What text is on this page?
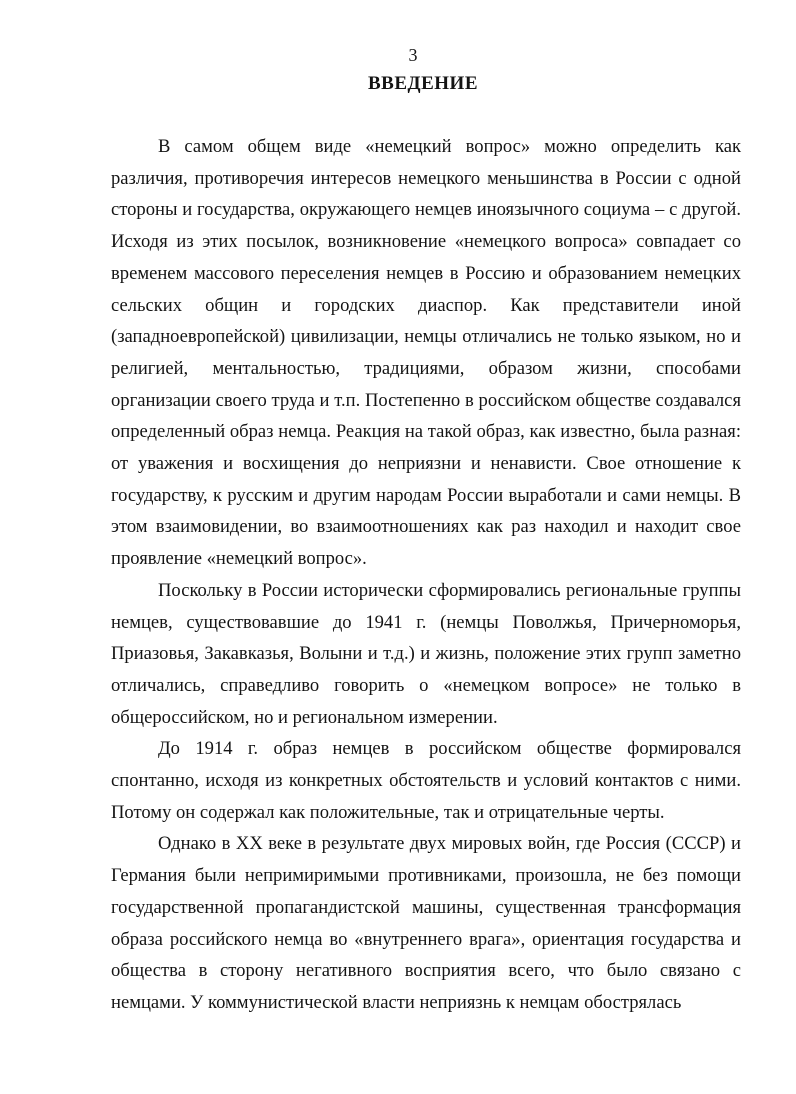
3
ВВЕДЕНИЕ

В самом общем виде «немецкий вопрос» можно определить как различия, противоречия интересов немецкого меньшинства в России с одной стороны и государства, окружающего немцев иноязычного социума – с другой. Исходя из этих посылок, возникновение «немецкого вопроса» совпадает со временем массового переселения немцев в Россию и образованием немецких сельских общин и городских диаспор. Как представители иной (западноевропейской) цивилизации, немцы отличались не только языком, но и религией, ментальностью, традициями, образом жизни, способами организации своего труда и т.п. Постепенно в российском обществе создавался определенный образ немца. Реакция на такой образ, как известно, была разная: от уважения и восхищения до неприязни и ненависти. Свое отношение к государству, к русским и другим народам России выработали и сами немцы. В этом взаимовидении, во взаимоотношениях как раз находил и находит свое проявление «немецкий вопрос».

Поскольку в России исторически сформировались региональные группы немцев, существовавшие до 1941 г. (немцы Поволжья, Причерноморья, Приазовья, Закавказья, Волыни и т.д.) и жизнь, положение этих групп заметно отличались, справедливо говорить о «немецком вопросе» не только в общероссийском, но и региональном измерении.

До 1914 г. образ немцев в российском обществе формировался спонтанно, исходя из конкретных обстоятельств и условий контактов с ними. Потому он содержал как положительные, так и отрицательные черты.

Однако в XX веке в результате двух мировых войн, где Россия (СССР) и Германия были непримиримыми противниками, произошла, не без помощи государственной пропагандистской машины, существенная трансформация образа российского немца во «внутреннего врага», ориентация государства и общества в сторону негативного восприятия всего, что было связано с немцами. У коммунистической власти неприязнь к немцам обострялась
